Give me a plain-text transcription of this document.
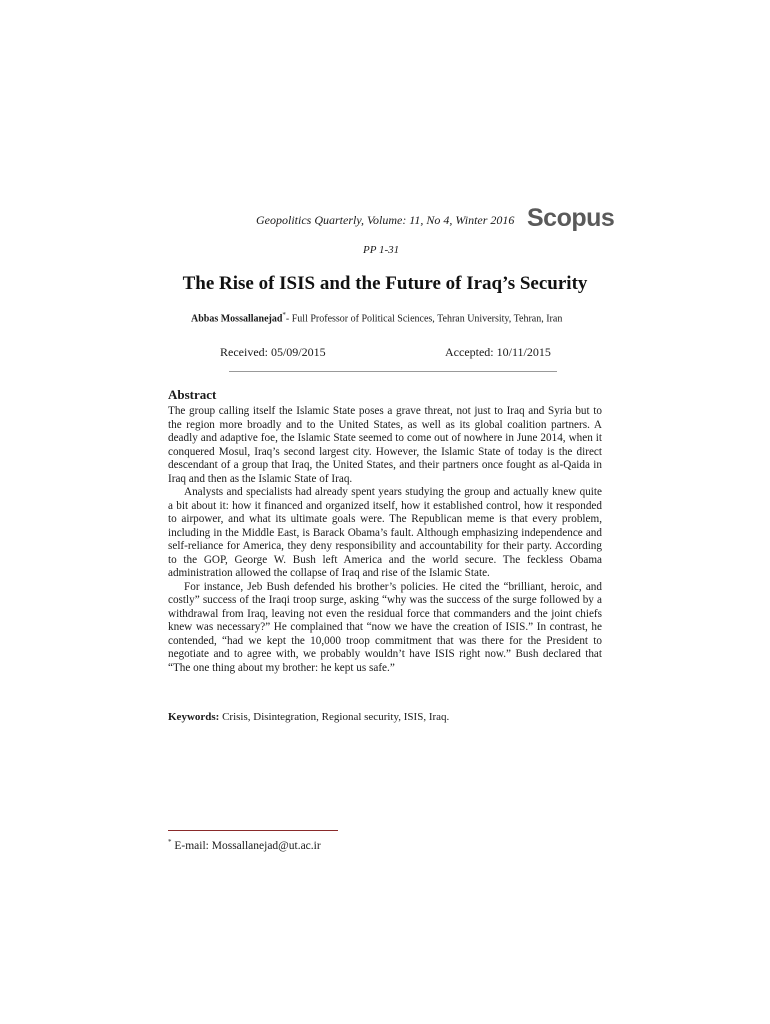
Geopolitics Quarterly, Volume: 11, No 4, Winter 2016 Scopus
PP 1-31
The Rise of ISIS and the Future of Iraq’s Security
Abbas Mossallanejad*- Full Professor of Political Sciences, Tehran University, Tehran, Iran
Received: 05/09/2015	Accepted: 10/11/2015
Abstract

The group calling itself the Islamic State poses a grave threat, not just to Iraq and Syria but to the region more broadly and to the United States, as well as its global coalition partners. A deadly and adaptive foe, the Islamic State seemed to come out of nowhere in June 2014, when it conquered Mosul, Iraq’s second largest city. However, the Islamic State of today is the direct descendant of a group that Iraq, the United States, and their partners once fought as al-Qaida in Iraq and then as the Islamic State of Iraq.

Analysts and specialists had already spent years studying the group and actually knew quite a bit about it: how it financed and organized itself, how it established control, how it responded to airpower, and what its ultimate goals were. The Republican meme is that every problem, including in the Middle East, is Barack Obama’s fault. Although emphasizing independence and self-reliance for America, they deny responsibility and accountability for their party. According to the GOP, George W. Bush left America and the world secure. The feckless Obama administration allowed the collapse of Iraq and rise of the Islamic State.

For instance, Jeb Bush defended his brother’s policies. He cited the “brilliant, heroic, and costly” success of the Iraqi troop surge, asking “why was the success of the surge followed by a withdrawal from Iraq, leaving not even the residual force that commanders and the joint chiefs knew was necessary?” He complained that “now we have the creation of ISIS.” In contrast, he contended, “had we kept the 10,000 troop commitment that was there for the President to negotiate and to agree with, we probably wouldn’t have ISIS right now.” Bush declared that “The one thing about my brother: he kept us safe.”

Keywords: Crisis, Disintegration, Regional security, ISIS, Iraq.
* E-mail: Mossallanejad@ut.ac.ir
